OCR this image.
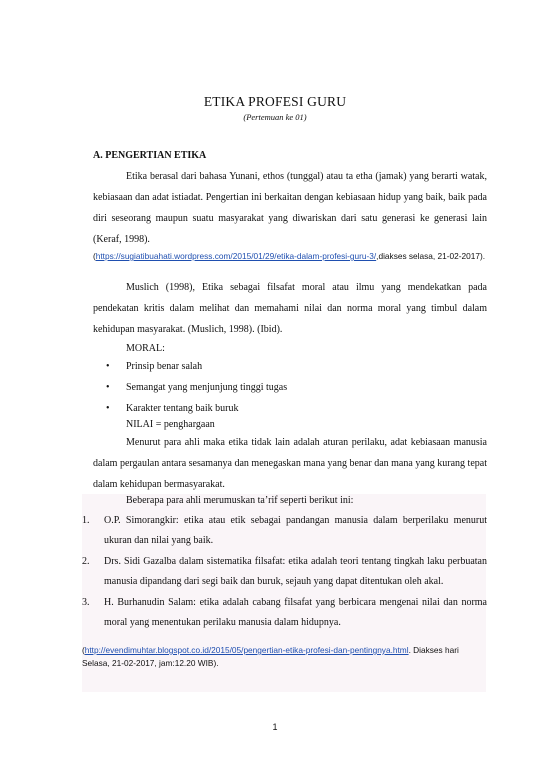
ETIKA PROFESI GURU
(Pertemuan ke 01)
A. PENGERTIAN ETIKA
Etika berasal dari bahasa Yunani, ethos (tunggal) atau ta etha (jamak) yang berarti watak, kebiasaan dan adat istiadat. Pengertian ini berkaitan dengan kebiasaan hidup yang baik, baik pada diri seseorang maupun suatu masyarakat yang diwariskan dari satu generasi ke generasi lain (Keraf, 1998).
(https://sugiatibuahati.wordpress.com/2015/01/29/etika-dalam-profesi-guru-3/,diakses selasa, 21-02-2017).
Muslich (1998), Etika sebagai filsafat moral atau ilmu yang mendekatkan pada pendekatan kritis dalam melihat dan memahami nilai dan norma moral yang timbul dalam kehidupan masyarakat. (Muslich, 1998). (Ibid).
MORAL:
• Prinsip benar salah
• Semangat yang menjunjung tinggi tugas
• Karakter tentang baik buruk
NILAI = penghargaan
Menurut para ahli maka etika tidak lain adalah aturan perilaku, adat kebiasaan manusia dalam pergaulan antara sesamanya dan menegaskan mana yang benar dan mana yang kurang tepat dalam kehidupan bermasyarakat.
Beberapa para ahli merumuskan ta’rif seperti berikut ini:
1. O.P. Simorangkir: etika atau etik sebagai pandangan manusia dalam berperilaku menurut ukuran dan nilai yang baik.
2. Drs. Sidi Gazalba dalam sistematika filsafat: etika adalah teori tentang tingkah laku perbuatan manusia dipandang dari segi baik dan buruk, sejauh yang dapat ditentukan oleh akal.
3. H. Burhanudin Salam: etika adalah cabang filsafat yang berbicara mengenai nilai dan norma moral yang menentukan perilaku manusia dalam hidupnya.
(http://evendimuhtar.blogspot.co.id/2015/05/pengertian-etika-profesi-dan-pentingnya.html. Diakses hari Selasa, 21-02-2017, jam:12.20 WIB).
1
